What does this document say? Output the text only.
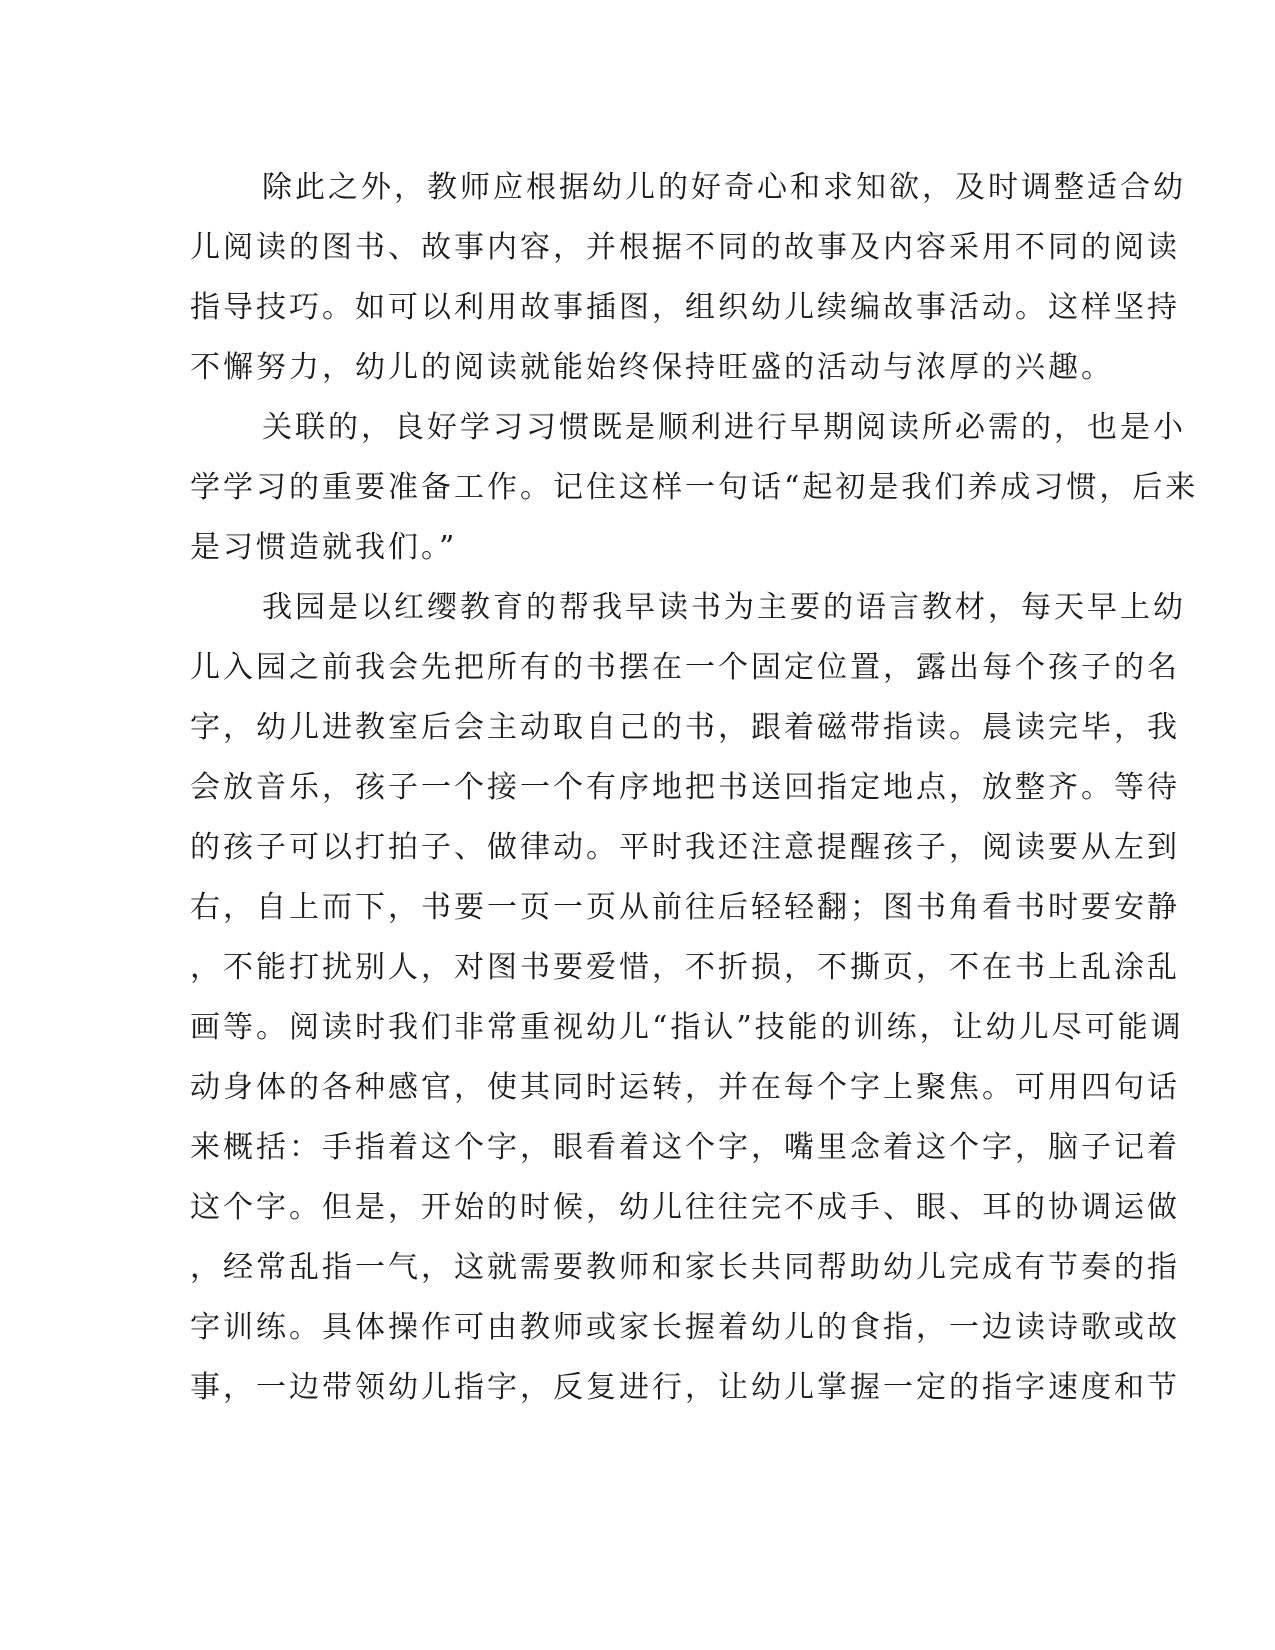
除此之外，教师应根据幼儿的好奇心和求知欲，及时调整适合幼
儿阅读的图书、故事内容，并根据不同的故事及内容采用不同的阅读
指导技巧。如可以利用故事插图，组织幼儿续编故事活动。这样坚持
不懈努力，幼儿的阅读就能始终保持旺盛的活动与浓厚的兴趣。
关联的，良好学习习惯既是顺利进行早期阅读所必需的，也是小
学学习的重要准备工作。记住这样一句话“起初是我们养成习惯，后来
是习惯造就我们。”
我园是以红缨教育的帮我早读书为主要的语言教材，每天早上幼
儿入园之前我会先把所有的书摆在一个固定位置，露出每个孩子的名
字，幼儿进教室后会主动取自己的书，跟着磁带指读。晨读完毕，我
会放音乐，孩子一个接一个有序地把书送回指定地点，放整齐。等待
的孩子可以打拍子、做律动。平时我还注意提醒孩子，阅读要从左到
右，自上而下，书要一页一页从前往后轻轻翻；图书角看书时要安静
，不能打扰别人，对图书要爱惜，不折损，不撕页，不在书上乱涂乱
画等。阅读时我们非常重视幼儿“指认”技能的训练，让幼儿尽可能调
动身体的各种感官，使其同时运转，并在每个字上聚焦。可用四句话
来概括：手指着这个字，眼看着这个字，嘴里念着这个字，脑子记着
这个字。但是，开始的时候，幼儿往往完不成手、眼、耳的协调运做
，经常乱指一气，这就需要教师和家长共同帮助幼儿完成有节奏的指
字训练。具体操作可由教师或家长握着幼儿的食指，一边读诗歌或故
事，一边带领幼儿指字，反复进行，让幼儿掌握一定的指字速度和节
